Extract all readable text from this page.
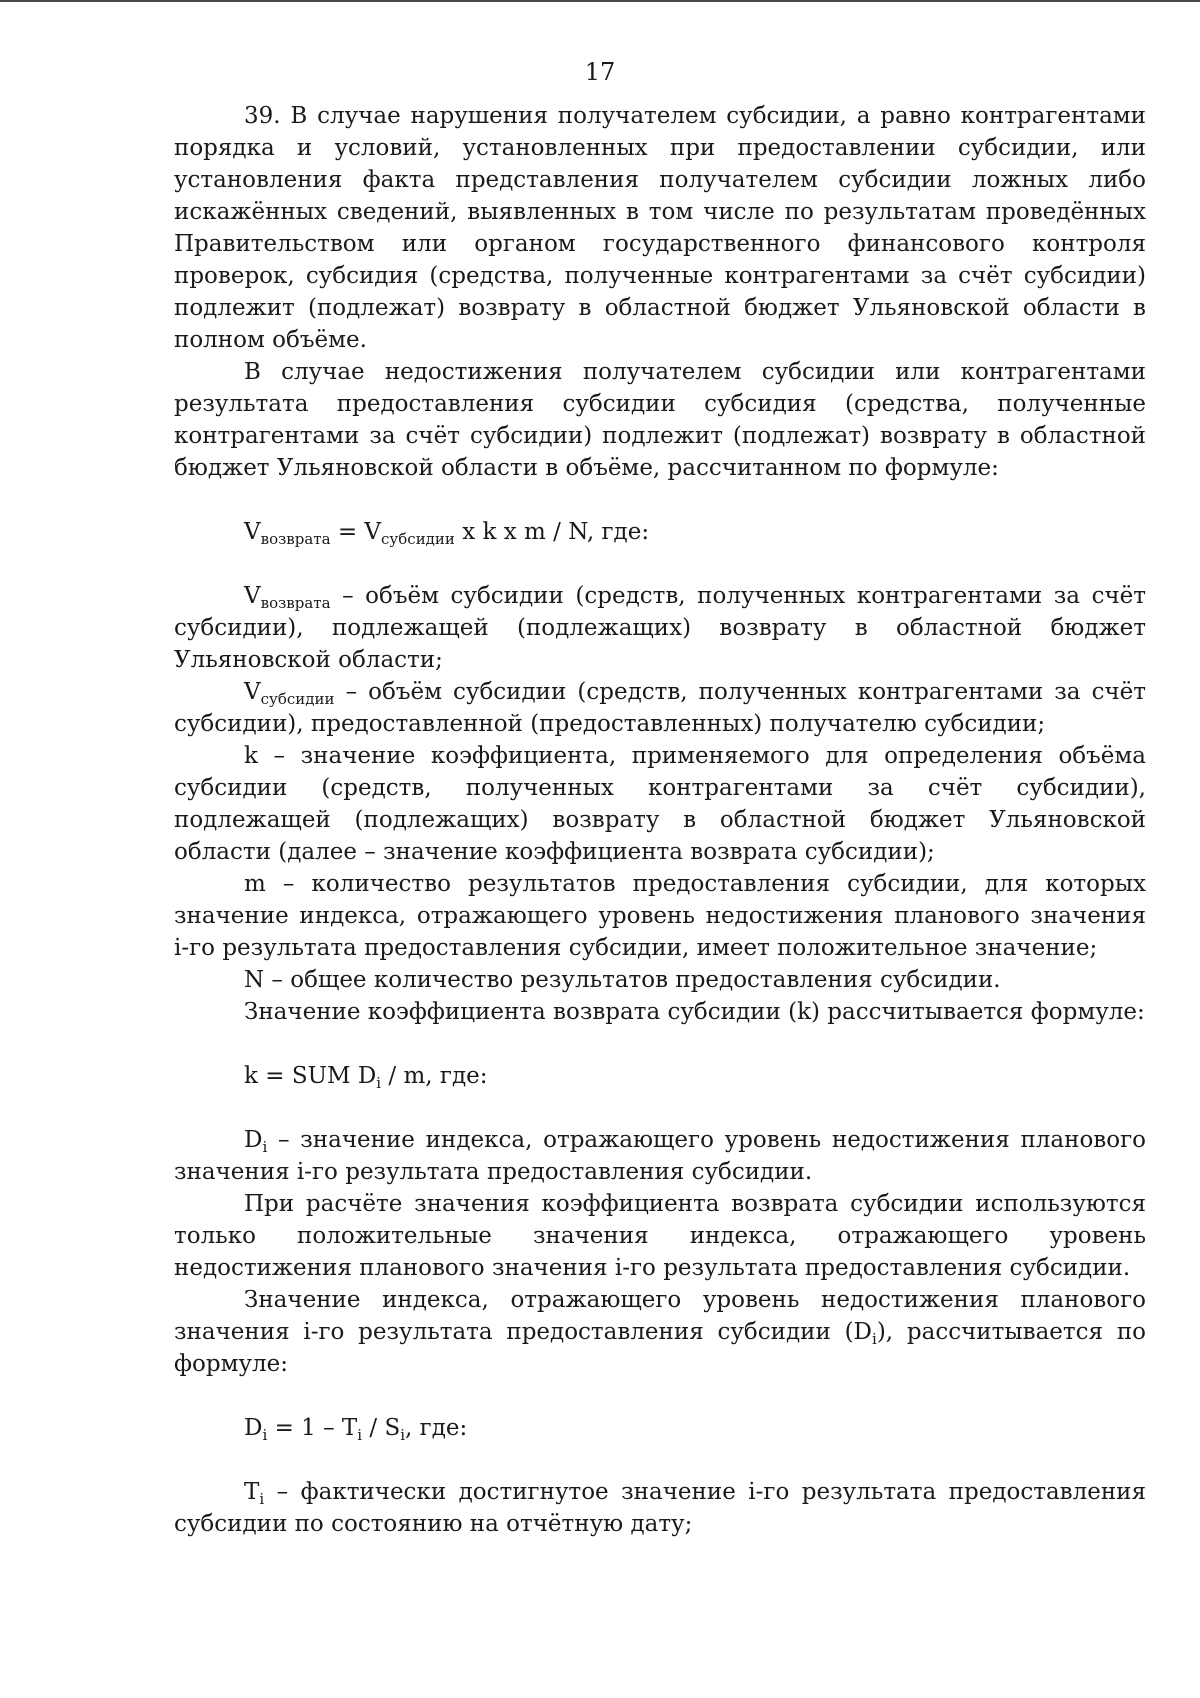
17

39. В случае нарушения получателем субсидии, а равно контрагентами порядка и условий, установленных при предоставлении субсидии, или установления факта представления получателем субсидии ложных либо искажённых сведений, выявленных в том числе по результатам проведённых Правительством или органом государственного финансового контроля проверок, субсидия (средства, полученные контрагентами за счёт субсидии) подлежит (подлежат) возврату в областной бюджет Ульяновской области в полном объёме.

В случае недостижения получателем субсидии или контрагентами результата предоставления субсидии субсидия (средства, полученные контрагентами за счёт субсидии) подлежит (подлежат) возврату в областной бюджет Ульяновской области в объёме, рассчитанном по формуле:

$V_{возврата} = V_{субсидии}$ x k x m / N, где:

$V_{возврата}$ – объём субсидии (средств, полученных контрагентами за счёт субсидии), подлежащей (подлежащих) возврату в областной бюджет Ульяновской области;

$V_{субсидии}$ – объём субсидии (средств, полученных контрагентами за счёт субсидии), предоставленной (предоставленных) получателю субсидии;

k – значение коэффициента, применяемого для определения объёма субсидии (средств, полученных контрагентами за счёт субсидии), подлежащей (подлежащих) возврату в областной бюджет Ульяновской области (далее – значение коэффициента возврата субсидии);

m – количество результатов предоставления субсидии, для которых значение индекса, отражающего уровень недостижения планового значения i-го результата предоставления субсидии, имеет положительное значение;

N – общее количество результатов предоставления субсидии.

Значение коэффициента возврата субсидии (k) рассчитывается формуле:

k = SUM $D_i$ / m, где:

$D_i$ – значение индекса, отражающего уровень недостижения планового значения i-го результата предоставления субсидии.

При расчёте значения коэффициента возврата субсидии используются только положительные значения индекса, отражающего уровень недостижения планового значения i-го результата предоставления субсидии.

Значение индекса, отражающего уровень недостижения планового значения i-го результата предоставления субсидии $(D_i)$, рассчитывается по формуле:

$D_i = 1 - T_i / S_i$, где:

$T_i$ – фактически достигнутое значение i-го результата предоставления субсидии по состоянию на отчётную дату;
